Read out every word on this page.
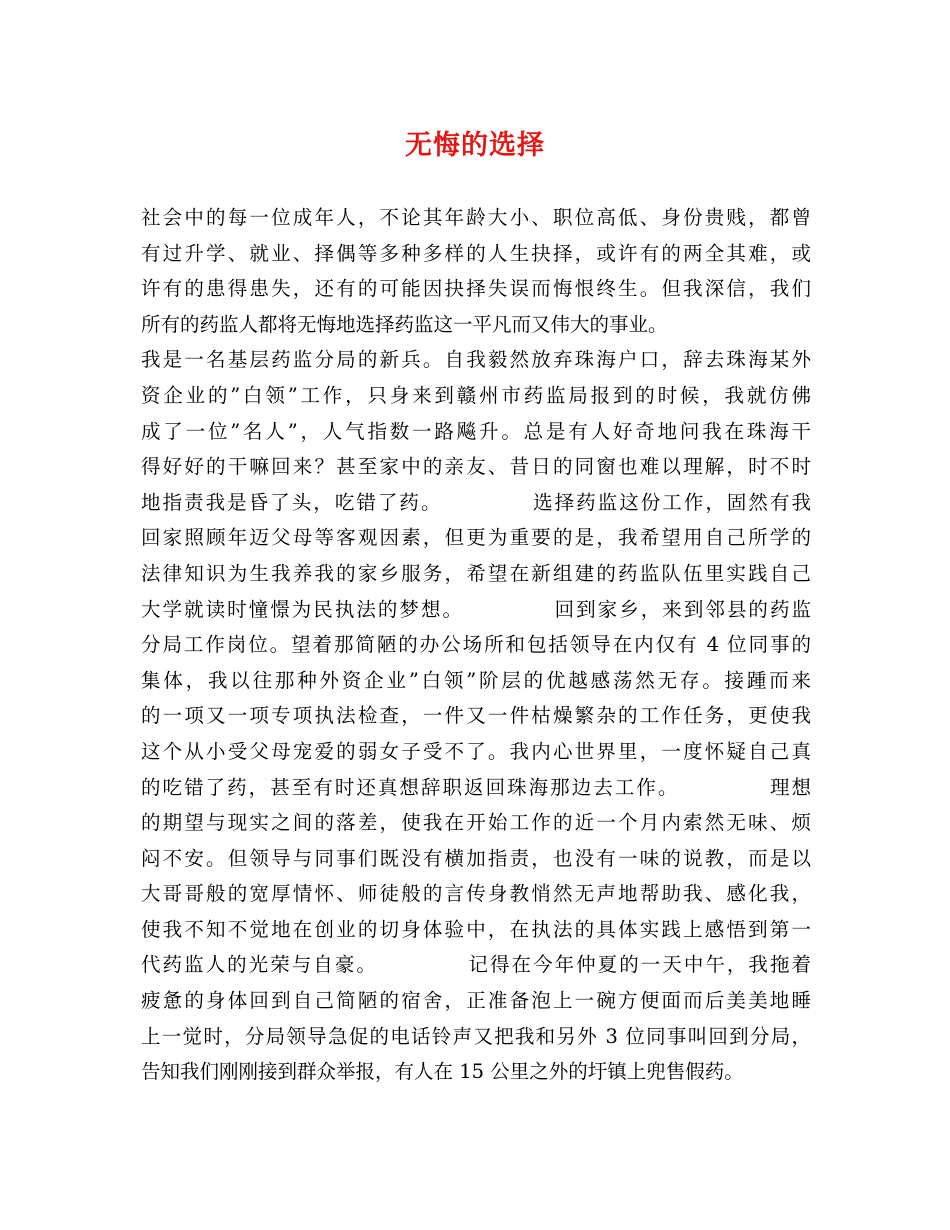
无悔的选择
社会中的每一位成年人，不论其年龄大小、职位高低、身份贵贱，都曾
有过升学、就业、择偶等多种多样的人生抉择，或许有的两全其难，或
许有的患得患失，还有的可能因抉择失误而悔恨终生。但我深信，我们
所有的药监人都将无悔地选择药监这一平凡而又伟大的事业。
我是一名基层药监分局的新兵。自我毅然放弃珠海户口，辞去珠海某外
资企业的”白领”工作，只身来到赣州市药监局报到的时候，我就仿佛
成了一位”名人”，人气指数一路飚升。总是有人好奇地问我在珠海干
得好好的干嘛回来？甚至家中的亲友、昔日的同窗也难以理解，时不时
地指责我是昏了头，吃错了药。           选择药监这份工作，固然有我
回家照顾年迈父母等客观因素，但更为重要的是，我希望用自己所学的
法律知识为生我养我的家乡服务，希望在新组建的药监队伍里实践自己
大学就读时憧憬为民执法的梦想。           回到家乡，来到邻县的药监
分局工作岗位。望着那简陋的办公场所和包括领导在内仅有 4 位同事的
集体，我以往那种外资企业”白领”阶层的优越感荡然无存。接踵而来
的一项又一项专项执法检查，一件又一件枯燥繁杂的工作任务，更使我
这个从小受父母宠爱的弱女子受不了。我内心世界里，一度怀疑自己真
的吃错了药，甚至有时还真想辞职返回珠海那边去工作。           理想
的期望与现实之间的落差，使我在开始工作的近一个月内索然无味、烦
闷不安。但领导与同事们既没有横加指责，也没有一味的说教，而是以
大哥哥般的宽厚情怀、师徒般的言传身教悄然无声地帮助我、感化我，
使我不知不觉地在创业的切身体验中，在执法的具体实践上感悟到第一
代药监人的光荣与自豪。           记得在今年仲夏的一天中午，我拖着
疲惫的身体回到自己简陋的宿舍，正准备泡上一碗方便面而后美美地睡
上一觉时，分局领导急促的电话铃声又把我和另外 3 位同事叫回到分局，
告知我们刚刚接到群众举报，有人在 15 公里之外的圩镇上兜售假药。
